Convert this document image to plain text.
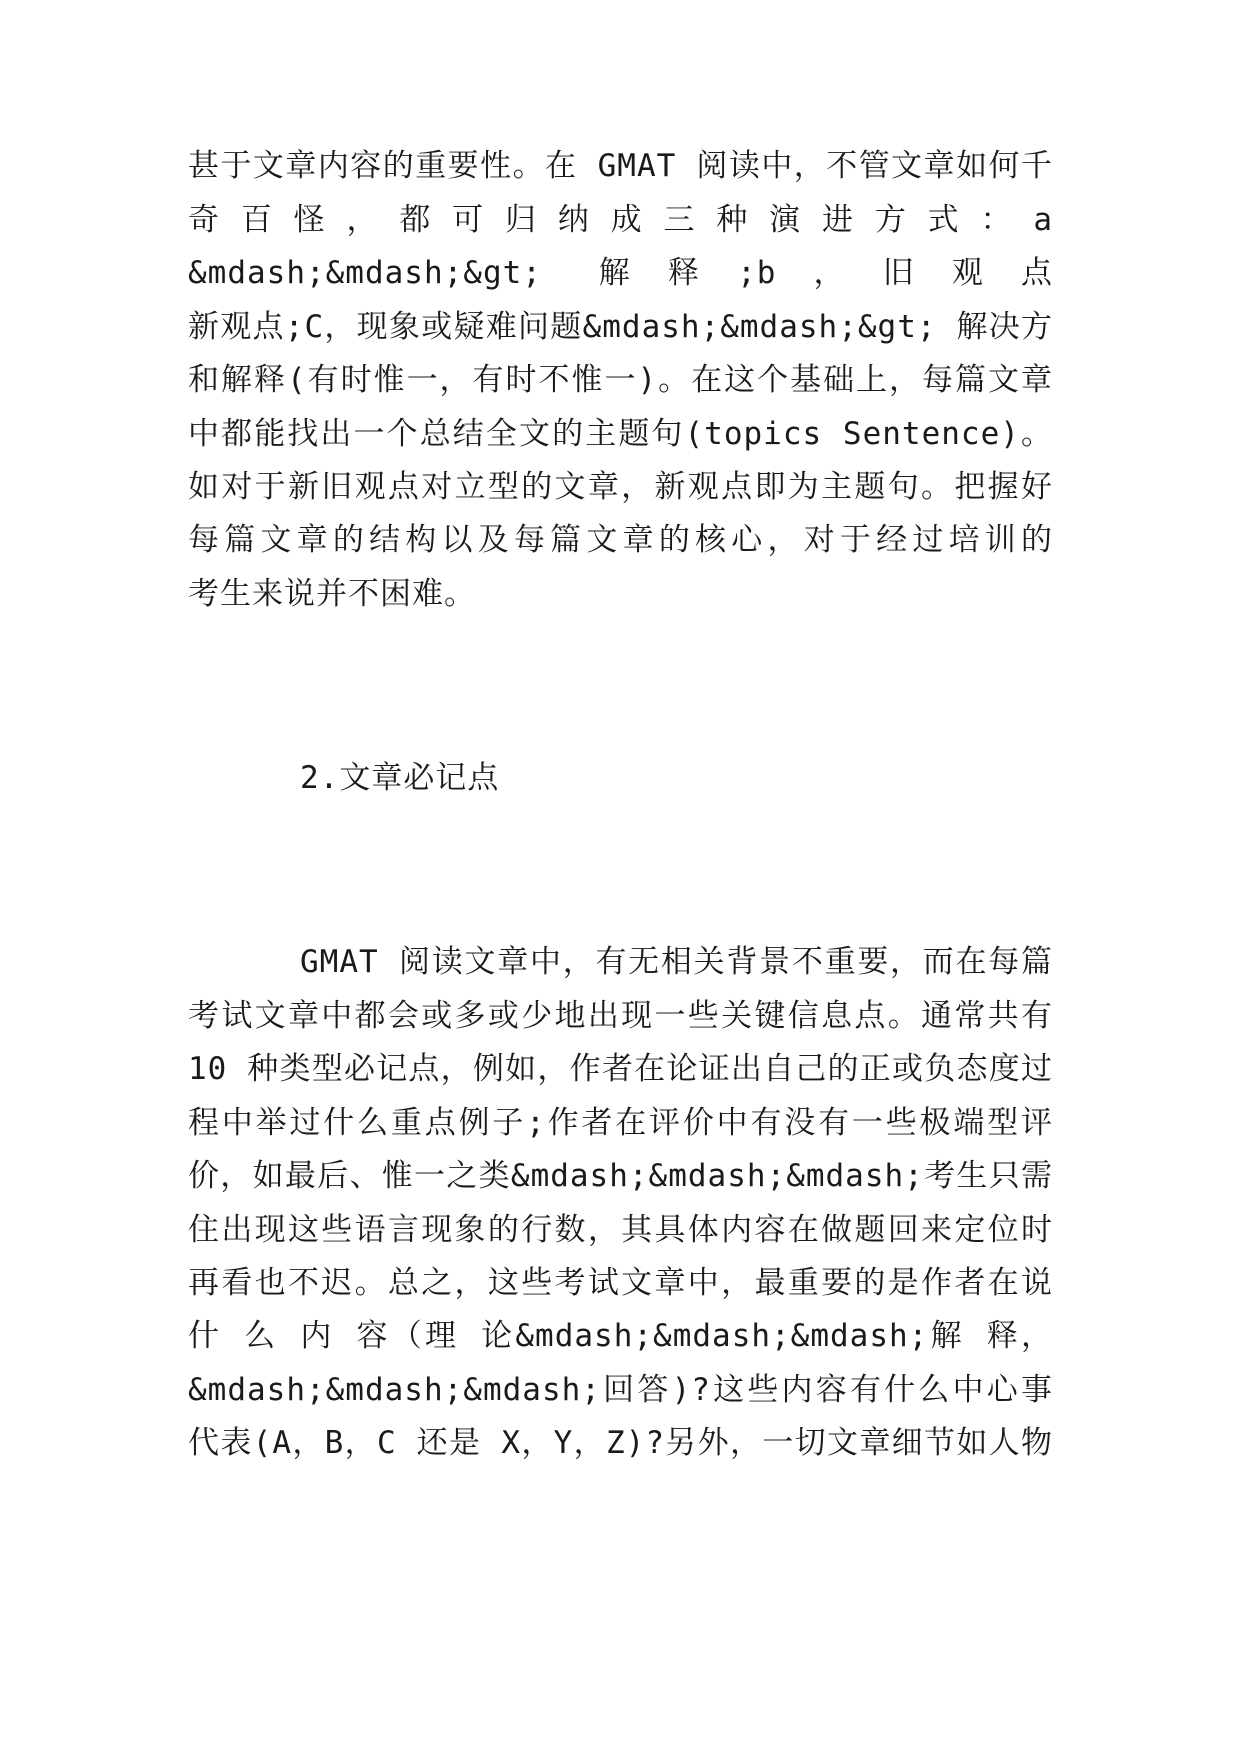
甚于文章内容的重要性。在 GMAT 阅读中，不管文章如何千
奇 百 怪 ， 都 可 归 纳 成 三 种 演 进 方 式 ： a
&mdash;&mdash;&gt; 解释;b，旧观点
新观点;C，现象或疑难问题&mdash;&mdash;&gt; 解决方
和解释(有时惟一，有时不惟一)。在这个基础上，每篇文章
中都能找出一个总结全文的主题句(topics Sentence)。
如对于新旧观点对立型的文章，新观点即为主题句。把握好
每篇文章的结构以及每篇文章的核心，对于经过培训的
考生来说并不困难。
2.文章必记点
GMAT 阅读文章中，有无相关背景不重要，而在每篇
考试文章中都会或多或少地出现一些关键信息点。通常共有
10 种类型必记点，例如，作者在论证出自己的正或负态度过
程中举过什么重点例子;作者在评价中有没有一些极端型评
价，如最后、惟一之类&mdash;&mdash;&mdash;考生只需
住出现这些语言现象的行数，其具体内容在做题回来定位时
再看也不迟。总之，这些考试文章中，最重要的是作者在说
什 么 内 容（理 论&mdash;&mdash;&mdash;解 释，
&mdash;&mdash;&mdash;回答)?这些内容有什么中心事
代表(A，B，C 还是 X，Y，Z)?另外，一切文章细节如人物
